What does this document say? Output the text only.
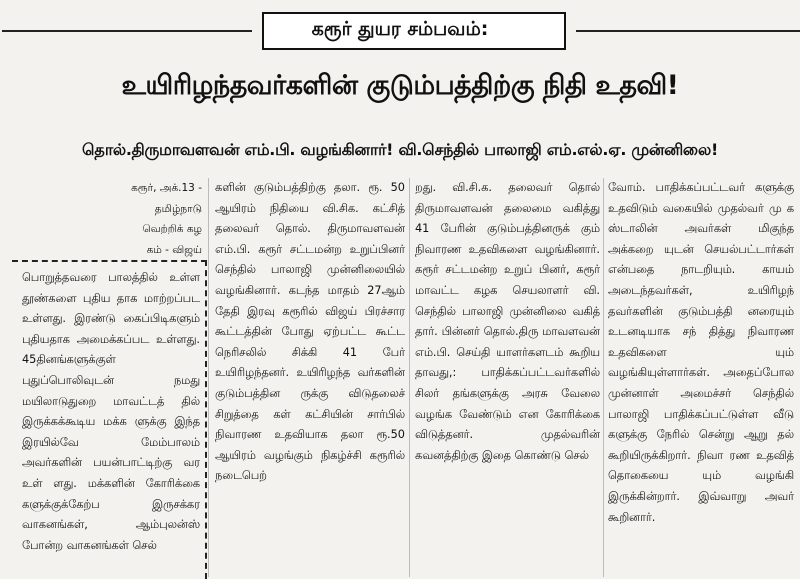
கரூர் துயர சம்பவம்:
உயிரிழந்தவர்களின் குடும்பத்திற்கு நிதி உதவி!
தொல்.திருமாவளவன் எம்.பி. வழங்கினார்! வி.செந்தில் பாலாஜி எம்.எல்.ஏ. முன்னிலை!

கரூர், அக்.13 - தமிழ்நாடு வெற்றிக் கழ கம் - விஜய்

பொறுத்தவரை பாலத்தில் உள்ள தூண்களை புதிய தாக மாற்றப்பட உள்ளது. இரண்டு கைப்பிடிகளும் புதியதாக அமைக்கப்பட உள்ளது. 45தினங்களுக்குள் புதுப்பொலிவுடன் நமது மயிலாடுதுறை மாவட்டத் தில் இருக்கக்கூடிய மக்க ளுக்கு இந்த இரயில்வே மேம்பாலம் அவர்களின் பயன்பாட்டிற்கு வர உள் ளது. மக்களின் கோரிக்கை களுக்குக்கேற்ப இருசக்கர வாகனங்கள், ஆம்புலன்ஸ் போன்ற வாகனங்கள் செல்

களின் குடும்பத்திற்கு தலா. ரூ. 50 ஆயிரம் நிதியை வி.சிக. கட்சித் தலைவர் தொல். திருமாவளவன் எம்.பி. கரூர் சட்டமன்ற உறுப்பினர் செந்தில் பாலாஜி முன்னிலையில் வழங்கினார். கடந்த மாதம் 27ஆம் தேதி இரவு கரூரில் விஜய் பிரச்சார கூட்டத்தின் போது ஏற்பட்ட கூட்ட நெரிசலில் சிக்கி 41 பேர் உயிரிழந்தனர். உயிரிழந்த வர்களின் குடும்பத்தின ருக்கு விடுதலைச் சிறுத்தை கள் கட்சியின் சார்பில் நிவாரண உதவியாக தலா ரூ.50 ஆயிரம் வழங்கும் நிகழ்ச்சி கரூரில் நடைபெற்

றது. வி.சி.க. தலைவர் தொல் திருமாவளவன் தலைமை வகித்து 41 பேரின் குடும்பத்தினருக் கும் நிவாரண உதவிகளை வழங்கினார். கரூர் சட்டமன்ற உறுப் பினர், கரூர் மாவட்ட கழக செயலாளர் வி. செந்தில் பாலாஜி முன்னிலை வகித் தார். பின்னர் தொல்.திரு மாவளவன் எம்.பி. செய்தி யாளர்களடம் கூறிய தாவது,: பாதிக்கப்பட்டவர்களில் சிலர் தங்களுக்கு அரசு வேலை வழங்க வேண்டும் என கோரிக்கை விடுத்தனர். முதல்வரின் கவனத்திற்கு இதை கொண்டு செல்

வோம். பாதிக்கப்பட்டவர் களுக்கு உதவிடும் வகையில் முதல்வர் மு க ஸ்டாலின் அவர்கள் மிகுந்த அக்கறை யுடன் செயல்பட்டார்கள் என்பதை நாடறியும். காயம் அடைந்தவர்கள், உயிரிழந் தவர்களின் குடும்பத்தி னரையும் உடனடியாக சந் தித்து நிவாரண உதவிகளை யும் வழங்கியுள்ளார்கள். அதைப்போல முன்னாள் அமைச்சர் செந்தில் பாலாஜி பாதிக்கப்பட்டுள்ள வீடு களுக்கு நேரில் சென்று ஆறு தல் கூறியிருக்கிறார். நிவா ரண உதவித் தொகையை யும் வழங்கி இருக்கின்றார். இவ்வாறு அவர் கூறினார்.
